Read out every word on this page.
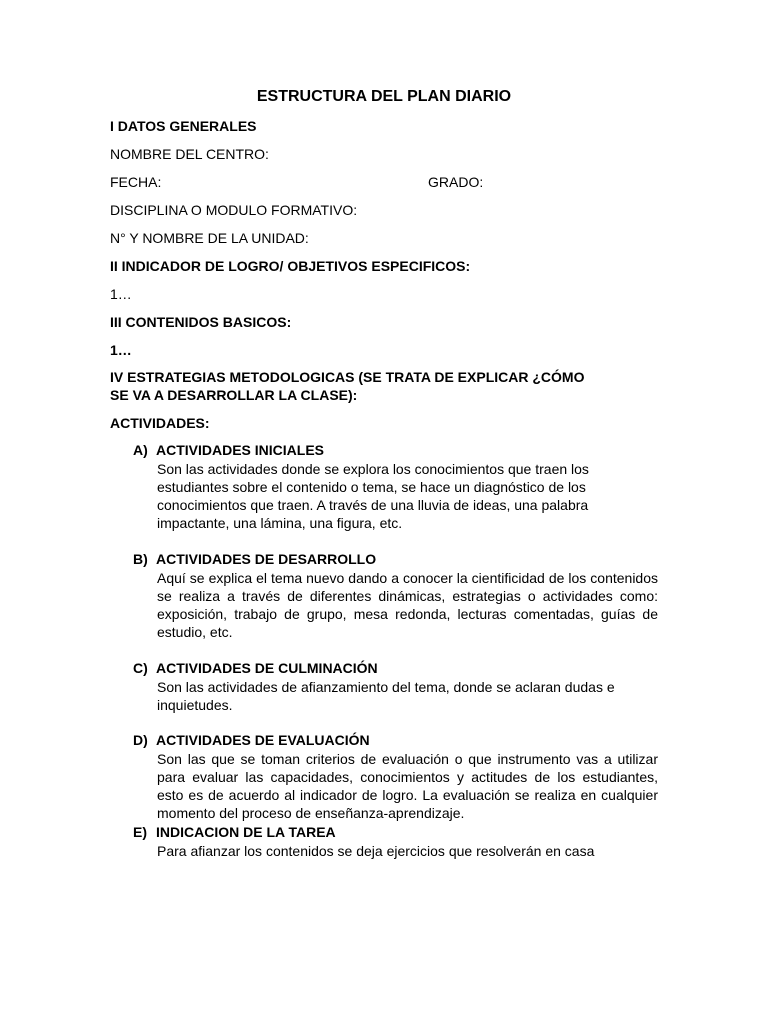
ESTRUCTURA DEL PLAN DIARIO
I DATOS GENERALES
NOMBRE DEL CENTRO:
FECHA:	GRADO:
DISCIPLINA O MODULO FORMATIVO:
N° Y NOMBRE DE LA UNIDAD:
II INDICADOR DE LOGRO/ OBJETIVOS ESPECIFICOS:
1…
III CONTENIDOS BASICOS:
1…
IV ESTRATEGIAS METODOLOGICAS (SE TRATA DE EXPLICAR ¿CÓMO
SE VA A DESARROLLAR LA CLASE):
ACTIVIDADES:
A) ACTIVIDADES INICIALES
Son las actividades donde se explora los conocimientos que traen los estudiantes sobre el contenido o tema, se hace un diagnóstico de los conocimientos que traen. A través de una lluvia de ideas, una palabra impactante, una lámina, una figura, etc.
B) ACTIVIDADES DE DESARROLLO
Aquí se explica el tema nuevo dando a conocer la cientificidad de los contenidos se realiza a través de diferentes dinámicas, estrategias o actividades como: exposición, trabajo de grupo, mesa redonda, lecturas comentadas, guías de estudio, etc.
C) ACTIVIDADES DE CULMINACIÓN
Son las actividades de afianzamiento del tema, donde se aclaran dudas e inquietudes.
D) ACTIVIDADES DE EVALUACIÓN
Son las que se toman criterios de evaluación o que instrumento vas a utilizar para evaluar las capacidades, conocimientos y actitudes de los estudiantes, esto es de acuerdo al indicador de logro. La evaluación se realiza en cualquier momento del proceso de enseñanza-aprendizaje.
E) INDICACION DE LA TAREA
Para afianzar los contenidos se deja ejercicios que resolverán en casa
